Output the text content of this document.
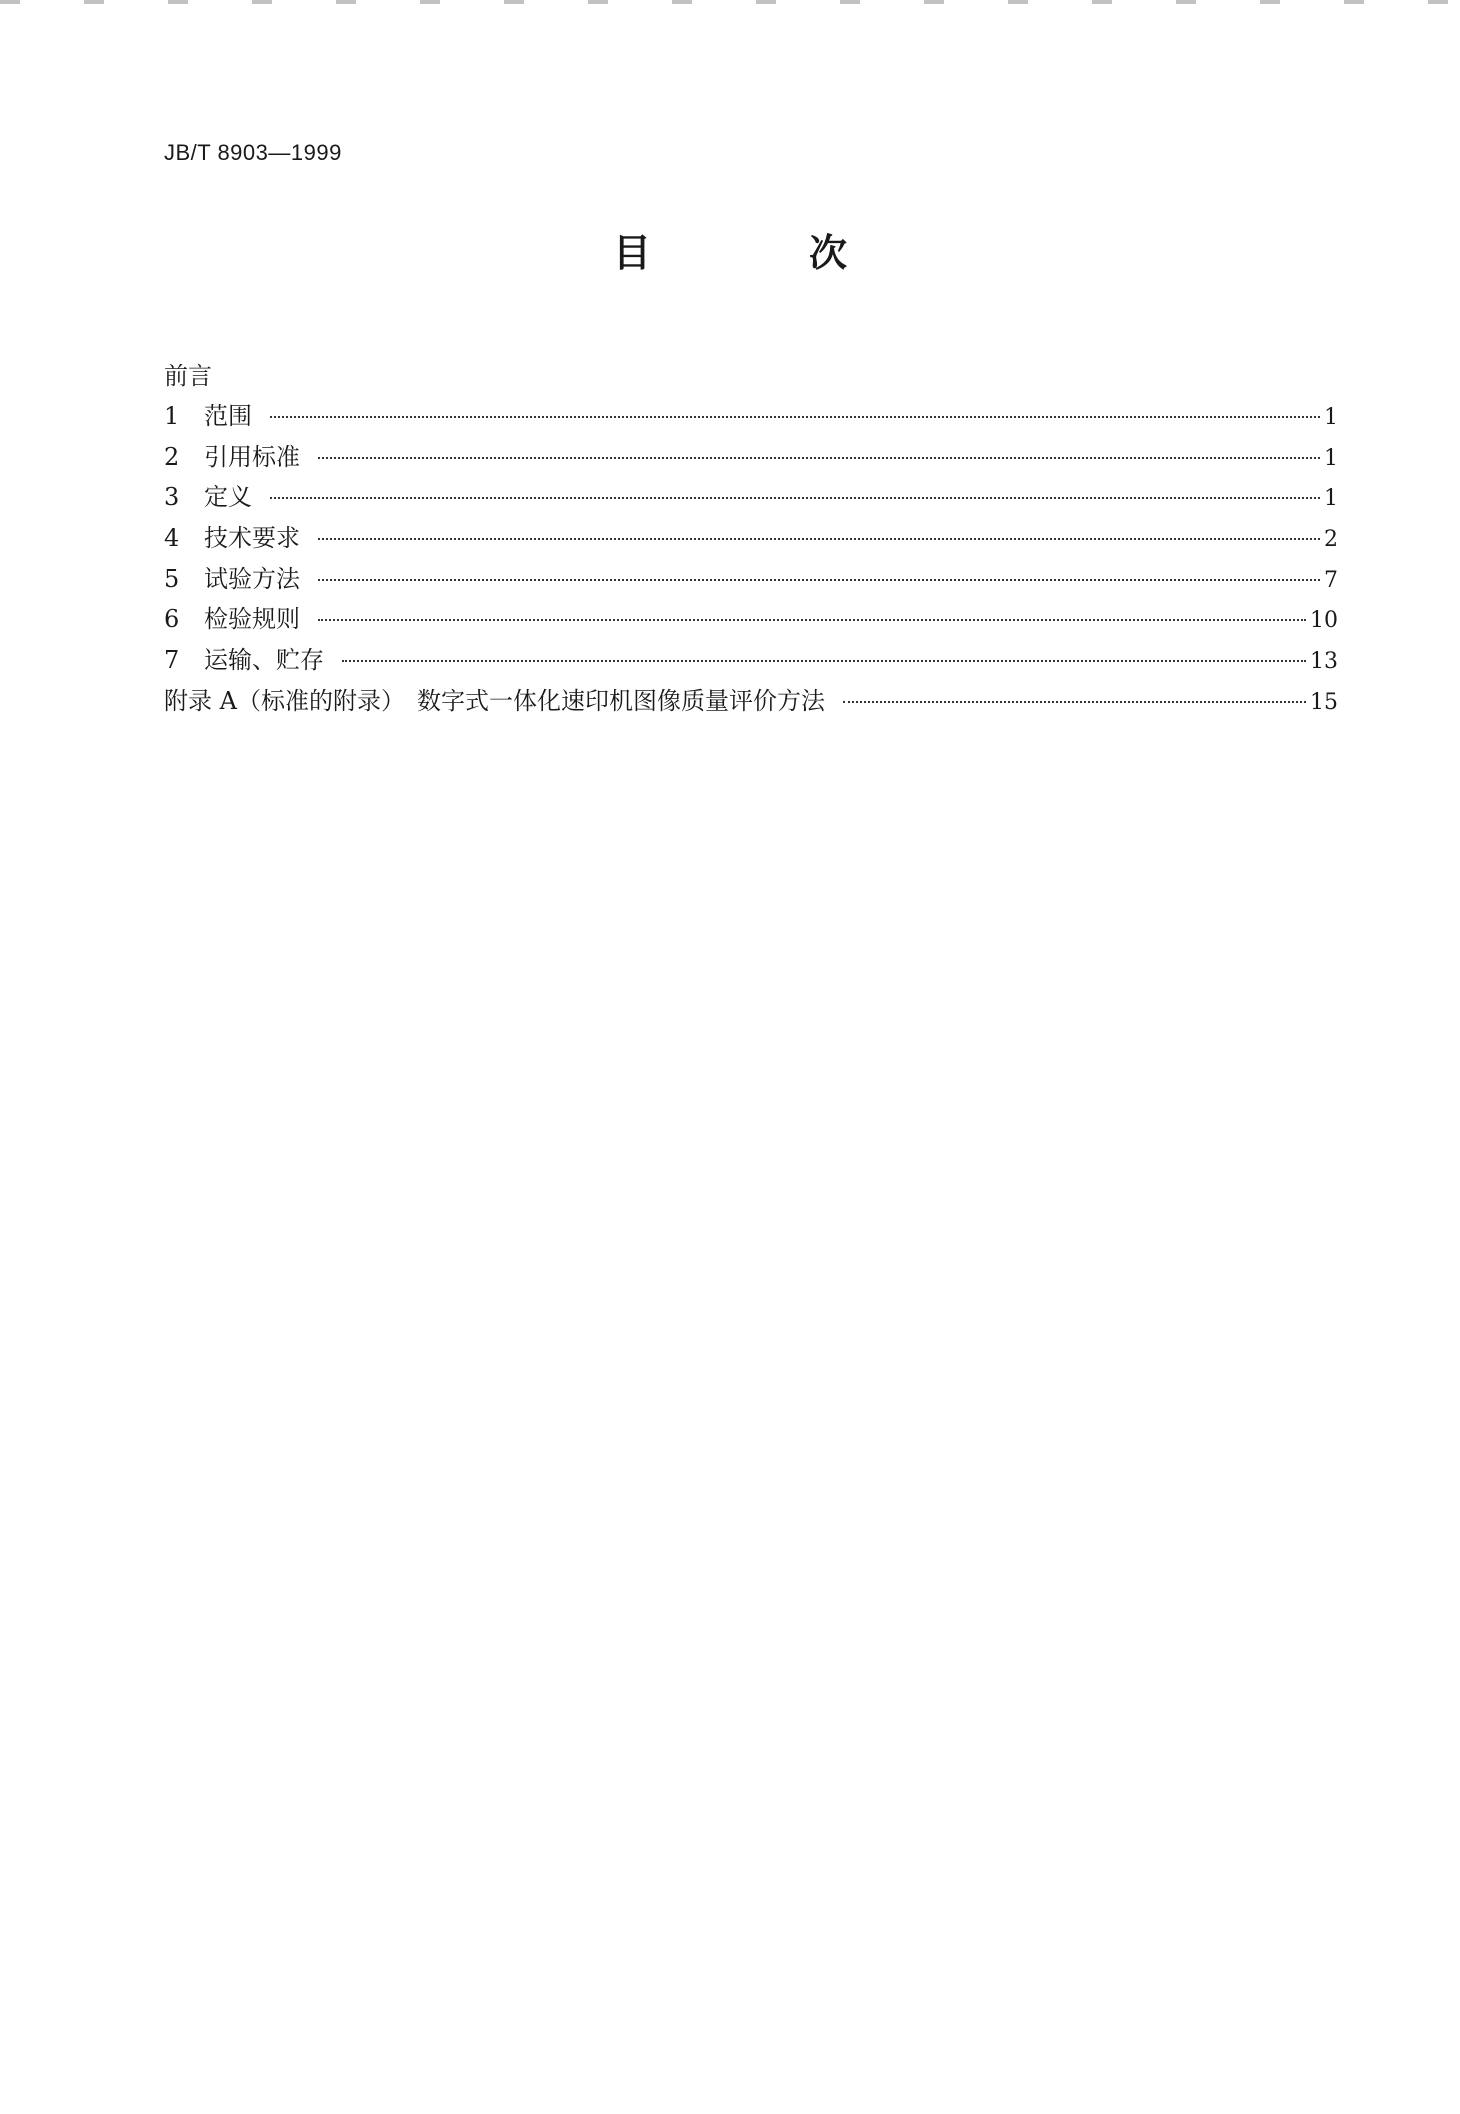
JB/T 8903—1999
目　次
前言
1	范围	1
2	引用标准	1
3	定义	1
4	技术要求	2
5	试验方法	7
6	检验规则	10
7	运输、贮存	13
附录 A（标准的附录）　数字式一体化速印机图像质量评价方法	15
